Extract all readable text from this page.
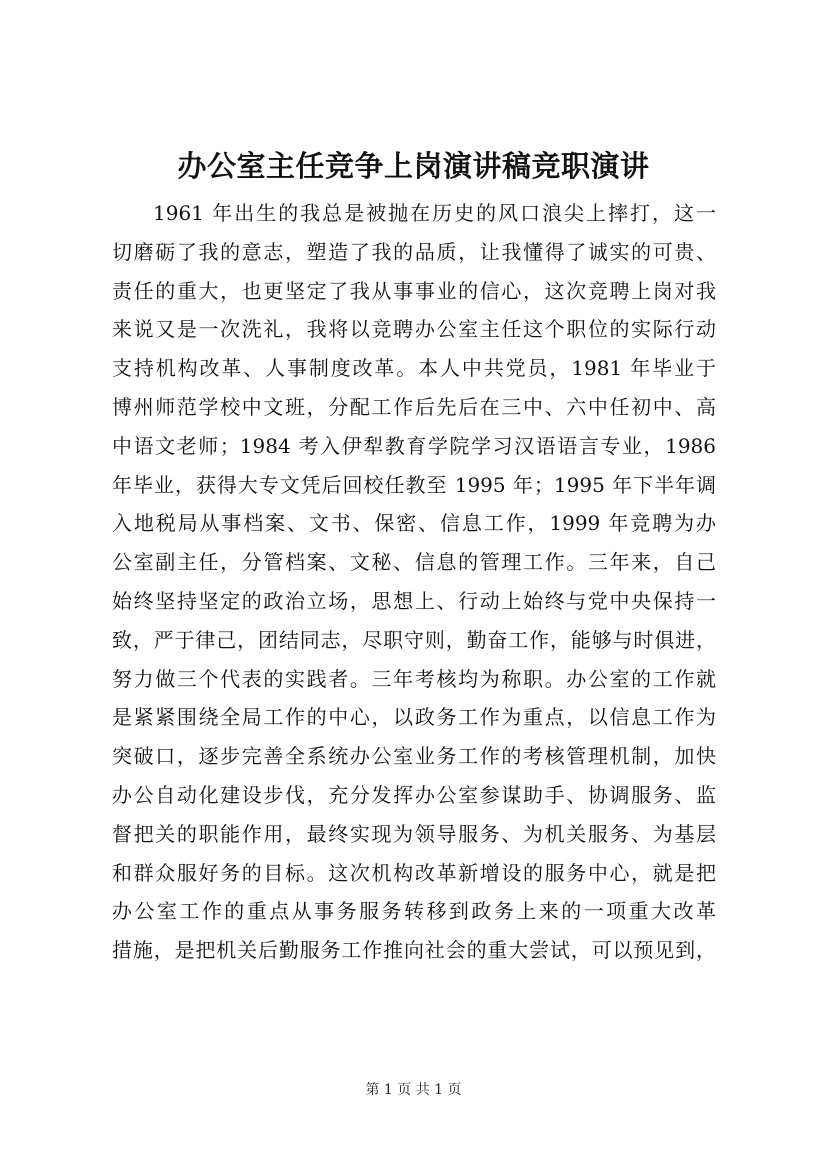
办公室主任竞争上岗演讲稿竞职演讲
1961 年出生的我总是被抛在历史的风口浪尖上摔打，这一
切磨砺了我的意志，塑造了我的品质，让我懂得了诚实的可贵、
责任的重大，也更坚定了我从事事业的信心，这次竞聘上岗对我
来说又是一次洗礼，我将以竞聘办公室主任这个职位的实际行动
支持机构改革、人事制度改革。本人中共党员，1981 年毕业于
博州师范学校中文班，分配工作后先后在三中、六中任初中、高
中语文老师；1984 考入伊犁教育学院学习汉语语言专业，1986
年毕业，获得大专文凭后回校任教至 1995 年；1995 年下半年调
入地税局从事档案、文书、保密、信息工作，1999 年竞聘为办
公室副主任，分管档案、文秘、信息的管理工作。三年来，自己
始终坚持坚定的政治立场，思想上、行动上始终与党中央保持一
致，严于律己，团结同志，尽职守则，勤奋工作，能够与时俱进，
努力做三个代表的实践者。三年考核均为称职。办公室的工作就
是紧紧围绕全局工作的中心，以政务工作为重点，以信息工作为
突破口，逐步完善全系统办公室业务工作的考核管理机制，加快
办公自动化建设步伐，充分发挥办公室参谋助手、协调服务、监
督把关的职能作用，最终实现为领导服务、为机关服务、为基层
和群众服好务的目标。这次机构改革新增设的服务中心，就是把
办公室工作的重点从事务服务转移到政务上来的一项重大改革
措施，是把机关后勤服务工作推向社会的重大尝试，可以预见到，
第 1 页 共 1 页
